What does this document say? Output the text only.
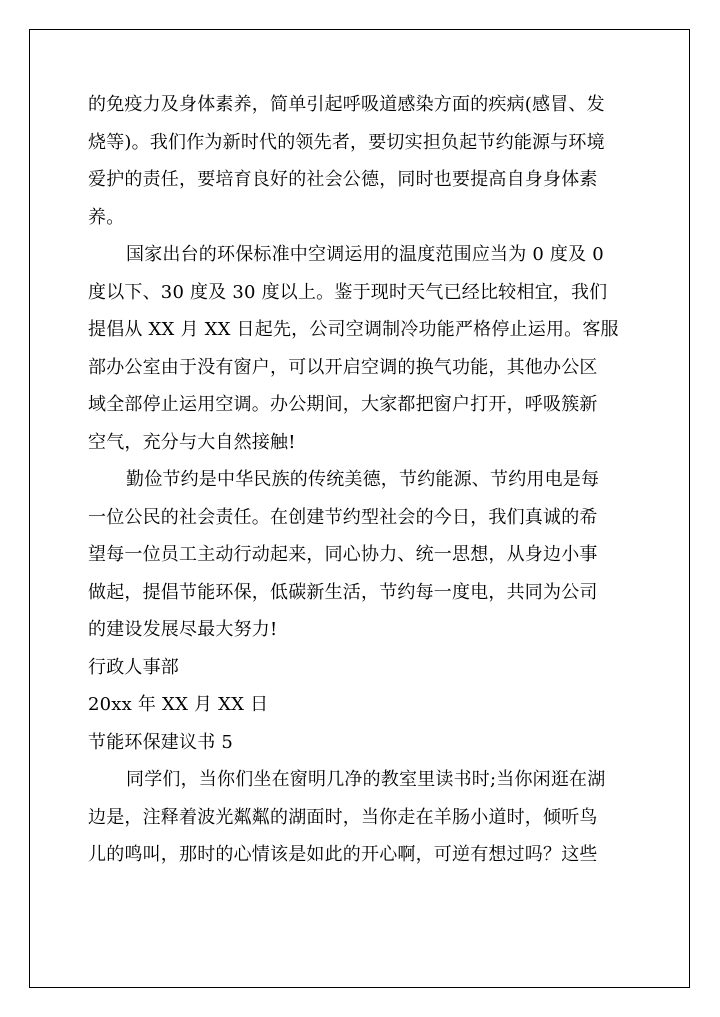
的免疫力及身体素养，简单引起呼吸道感染方面的疾病(感冒、发
烧等)。我们作为新时代的领先者，要切实担负起节约能源与环境
爱护的责任，要培育良好的社会公德，同时也要提高自身身体素
养。
国家出台的环保标准中空调运用的温度范围应当为 0 度及 0
度以下、30 度及 30 度以上。鉴于现时天气已经比较相宜，我们
提倡从 XX 月 XX 日起先，公司空调制冷功能严格停止运用。客服
部办公室由于没有窗户，可以开启空调的换气功能，其他办公区
域全部停止运用空调。办公期间，大家都把窗户打开，呼吸簇新
空气，充分与大自然接触!
勤俭节约是中华民族的传统美德，节约能源、节约用电是每
一位公民的社会责任。在创建节约型社会的今日，我们真诚的希
望每一位员工主动行动起来，同心协力、统一思想，从身边小事
做起，提倡节能环保，低碳新生活，节约每一度电，共同为公司
的建设发展尽最大努力!
行政人事部
20xx 年 XX 月 XX 日
节能环保建议书 5
同学们，当你们坐在窗明几净的教室里读书时;当你闲逛在湖
边是，注释着波光粼粼的湖面时，当你走在羊肠小道时，倾听鸟
儿的鸣叫，那时的心情该是如此的开心啊，可逆有想过吗？这些
